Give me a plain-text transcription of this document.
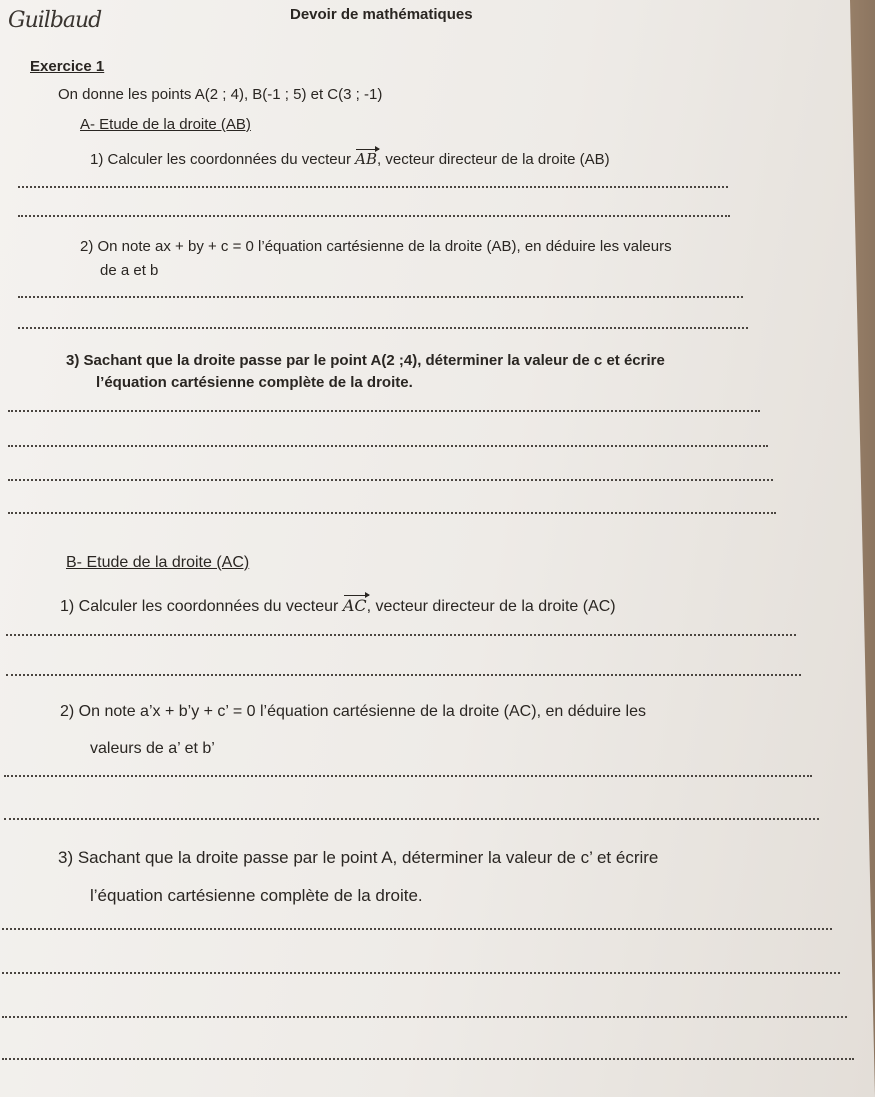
Guilbaud	Devoir de mathématiques
Exercice 1
On donne les points A(2 ; 4), B(-1 ; 5) et C(3 ; -1)
A- Etude de la droite (AB)
1) Calculer les coordonnées du vecteur AB, vecteur directeur de la droite (AB)
2) On note ax + by + c = 0 l’équation cartésienne de la droite (AB), en déduire les valeurs
de a et b
3) Sachant que la droite passe par le point A(2 ;4), déterminer la valeur de c et écrire
l’équation cartésienne complète de la droite.
B- Etude de la droite (AC)
1) Calculer les coordonnées du vecteur AC, vecteur directeur de la droite (AC)
2) On note a’x + b’y + c’ = 0 l’équation cartésienne de la droite (AC), en déduire les
valeurs de a’ et b’
3) Sachant que la droite passe par le point A, déterminer la valeur de c’ et écrire
l’équation cartésienne complète de la droite.
